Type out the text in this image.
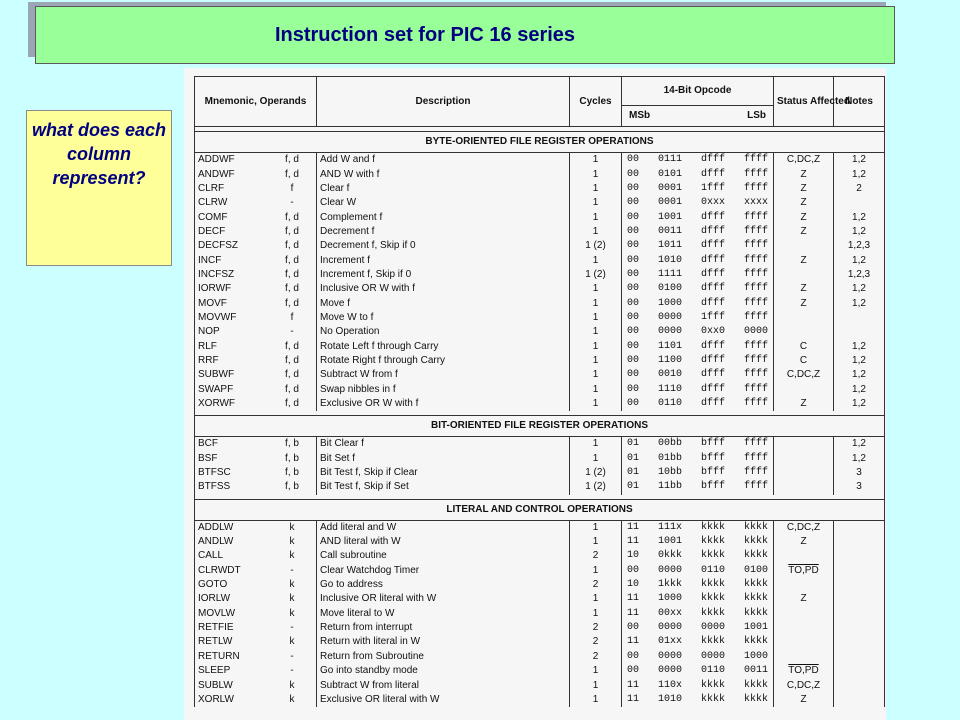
Instruction set for PIC 16 series
what does each column represent?
Mnemonic, Operands	Description	Cycles	14-Bit Opcode	Status Affected	Notes

			MSb LSb		

BYTE-ORIENTED FILE REGISTER OPERATIONS					

ADDWF f, d	Add W and f	1	00 0111 dfff ffff	C,DC,Z	1,2

ANDWF f, d	AND W with f	1	00 0101 dfff ffff	Z	1,2

CLRF f	Clear f	1	00 0001 1fff ffff	Z	2

CLRW -	Clear W	1	00 0001 0xxx xxxx	Z	

COMF f, d	Complement f	1	00 1001 dfff ffff	Z	1,2

DECF f, d	Decrement f	1	00 0011 dfff ffff	Z	1,2

DECFSZ f, d	Decrement f, Skip if 0	1 (2)	00 1011 dfff ffff		1,2,3

INCF f, d	Increment f	1	00 1010 dfff ffff	Z	1,2

INCFSZ f, d	Increment f, Skip if 0	1 (2)	00 1111 dfff ffff		1,2,3

IORWF f, d	Inclusive OR W with f	1	00 0100 dfff ffff	Z	1,2

MOVF f, d	Move f	1	00 1000 dfff ffff	Z	1,2

MOVWF f	Move W to f	1	00 0000 1fff ffff		

NOP -	No Operation	1	00 0000 0xx0 0000		

RLF f, d	Rotate Left f through Carry	1	00 1101 dfff ffff	C	1,2

RRF f, d	Rotate Right f through Carry	1	00 1100 dfff ffff	C	1,2

SUBWF f, d	Subtract W from f	1	00 0010 dfff ffff	C,DC,Z	1,2

SWAPF f, d	Swap nibbles in f	1	00 1110 dfff ffff		1,2

XORWF f, d	Exclusive OR W with f	1	00 0110 dfff ffff	Z	1,2

BIT-ORIENTED FILE REGISTER OPERATIONS					

BCF f, b	Bit Clear f	1	01 00bb bfff ffff		1,2

BSF f, b	Bit Set f	1	01 01bb bfff ffff		1,2

BTFSC f, b	Bit Test f, Skip if Clear	1 (2)	01 10bb bfff ffff		3

BTFSS f, b	Bit Test f, Skip if Set	1 (2)	01 11bb bfff ffff		3

LITERAL AND CONTROL OPERATIONS					

ADDLW k	Add literal and W	1	11 111x kkkk kkkk	C,DC,Z	

ANDLW k	AND literal with W	1	11 1001 kkkk kkkk	Z	

CALL k	Call subroutine	2	10 0kkk kkkk kkkk		

CLRWDT -	Clear Watchdog Timer	1	00 0000 0110 0100	TO,PD	

GOTO k	Go to address	2	10 1kkk kkkk kkkk		

IORLW k	Inclusive OR literal with W	1	11 1000 kkkk kkkk	Z	

MOVLW k	Move literal to W	1	11 00xx kkkk kkkk		

RETFIE -	Return from interrupt	2	00 0000 0000 1001		

RETLW k	Return with literal in W	2	11 01xx kkkk kkkk		

RETURN -	Return from Subroutine	2	00 0000 0000 1000		

SLEEP -	Go into standby mode	1	00 0000 0110 0011	TO,PD	

SUBLW k	Subtract W from literal	1	11 110x kkkk kkkk	C,DC,Z	

XORLW k	Exclusive OR literal with W	1	11 1010 kkkk kkkk	Z	
